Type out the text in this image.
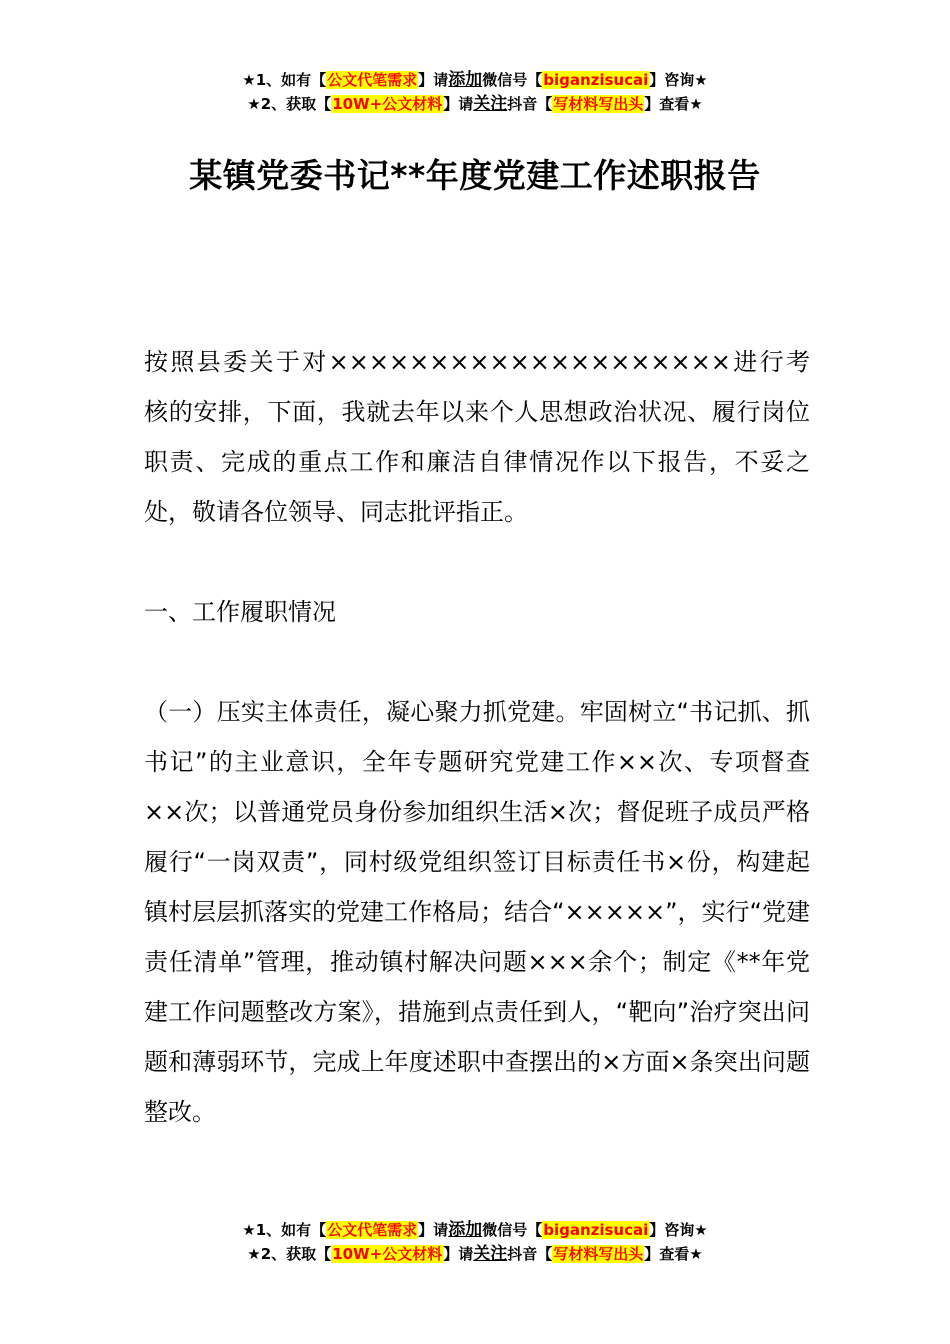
★1、如有【公文代笔需求】请添加微信号【biganzisucai】咨询★
★2、获取【10W+公文材料】请关注抖音【写材料写出头】查看★
某镇党委书记**年度党建工作述职报告

按照县委关于对××××××××××××××××××××进行考核的安排，下面，我就去年以来个人思想政治状况、履行岗位职责、完成的重点工作和廉洁自律情况作以下报告，不妥之处，敬请各位领导、同志批评指正。

一、工作履职情况

（一）压实主体责任，凝心聚力抓党建。牢固树立“书记抓、抓书记”的主业意识，全年专题研究党建工作××次、专项督查××次；以普通党员身份参加组织生活×次；督促班子成员严格履行“一岗双责”，同村级党组织签订目标责任书×份，构建起镇村层层抓落实的党建工作格局；结合“×××××”，实行“党建责任清单”管理，推动镇村解决问题×××余个；制定《**年党建工作问题整改方案》，措施到点责任到人，“靶向”治疗突出问题和薄弱环节，完成上年度述职中查摆出的×方面×条突出问题整改。

★1、如有【公文代笔需求】请添加微信号【biganzisucai】咨询★
★2、获取【10W+公文材料】请关注抖音【写材料写出头】查看★
